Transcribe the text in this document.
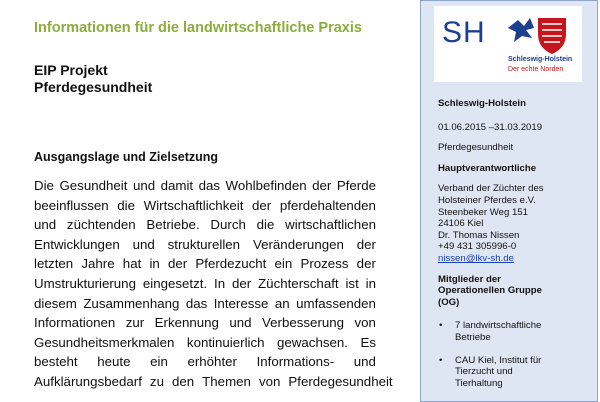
Informationen für die landwirtschaftliche Praxis
EIP Projekt
Pferdegesundheit
Ausgangslage und Zielsetzung
Die Gesundheit und damit das Wohlbefinden der Pferde
beeinflussen die Wirtschaftlichkeit der pferdehaltenden
und züchtenden Betriebe. Durch die wirtschaftlichen
Entwicklungen und strukturellen Veränderungen der
letzten Jahre hat in der Pferdezucht ein Prozess der
Umstrukturierung eingesetzt. In der Züchterschaft ist in
diesem Zusammenhang das Interesse an umfassenden
Informationen zur Erkennung und Verbesserung von
Gesundheitsmerkmalen kontinuierlich gewachsen. Es
besteht heute ein erhöhter Informations- und
Aufklärungsbedarf zu den Themen von Pferdegesundheit
SH
Schleswig-Holstein
Der echte Norden
Schleswig-Holstein
01.06.2015 –31.03.2019
Pferdegesundheit
Hauptverantwortliche
Verband der Züchter des
Holsteiner Pferdes e.V.
Steenbeker Weg 151
24106 Kiel
Dr. Thomas Nissen
+49 431 305996-0
nissen@lkv-sh.de
Mitglieder der
Operationellen Gruppe
(OG)
• 7 landwirtschaftliche
Betriebe
• CAU Kiel, Institut für
Tierzucht und
Tierhaltung
